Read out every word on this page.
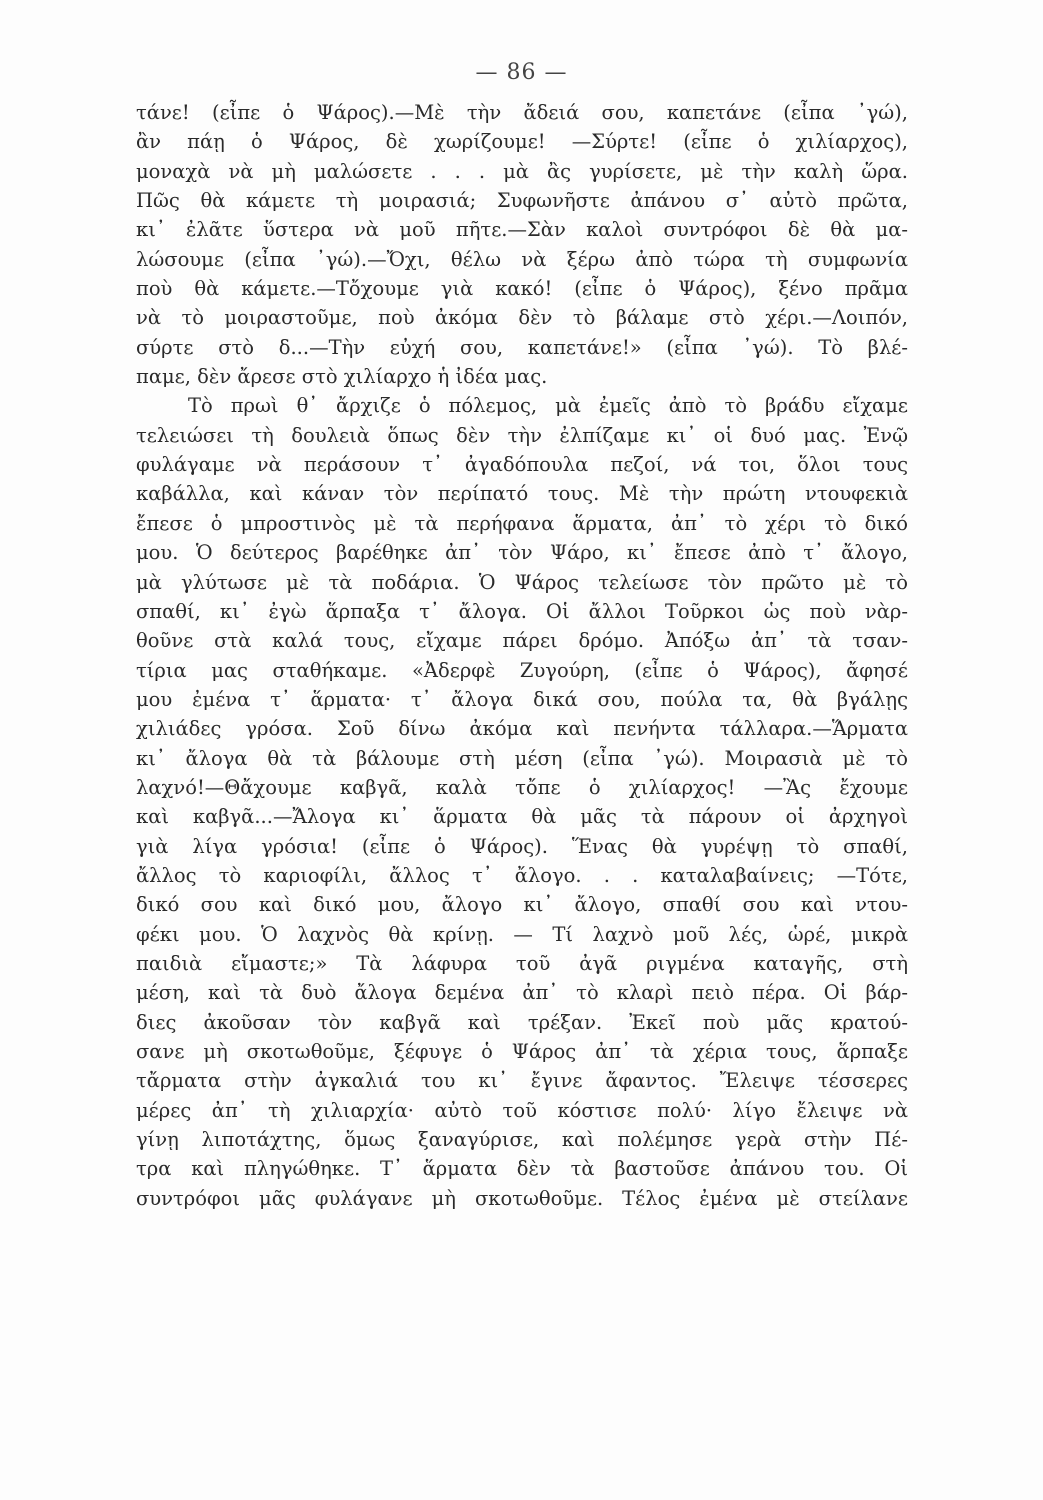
— 86 —
τάνε! (εἶπε ὁ Ψάρος).—Μὲ τὴν ἄδειά σου, καπετάνε (εἶπα ᾿γώ),
ἂν πάῃ ὁ Ψάρος, δὲ χωρίζουμε! —Σύρτε! (εἶπε ὁ χιλίαρχος),
μοναχὰ νὰ μὴ μαλώσετε . . . μὰ ἂς γυρίσετε, μὲ τὴν καλὴ ὥρα.
Πῶς θὰ κάμετε τὴ μοιρασιά; Συφωνῆστε ἀπάνου σ᾿ αὐτὸ πρῶτα,
κι᾿ ἐλᾶτε ὕστερα νὰ μοῦ πῆτε.—Σὰν καλοὶ συντρόφοι δὲ θὰ μα-
λώσουμε (εἶπα ᾿γώ).—Ὄχι, θέλω νὰ ξέρω ἀπὸ τώρα τὴ συμφωνία
ποὺ θὰ κάμετε.—Τὄχουμε γιὰ κακό! (εἶπε ὁ Ψάρος), ξένο πρᾶμα
νὰ τὸ μοιραστοῦμε, ποὺ ἀκόμα δὲν τὸ βάλαμε στὸ χέρι.—Λοιπόν,
σύρτε στὸ δ...—Τὴν εὐχή σου, καπετάνε!» (εἶπα ᾿γώ). Τὸ βλέ-
παμε, δὲν ἄρεσε στὸ χιλίαρχο ἡ ἰδέα μας.
Τὸ πρωὶ θ᾿ ἄρχιζε ὁ πόλεμος, μὰ ἐμεῖς ἀπὸ τὸ βράδυ εἴχαμε
τελειώσει τὴ δουλειὰ ὅπως δὲν τὴν ἐλπίζαμε κι᾿ οἱ δυό μας. Ἐνῷ
φυλάγαμε νὰ περάσουν τ᾿ ἀγαδόπουλα πεζοί, νά τοι, ὅλοι τους
καβάλλα, καὶ κάναν τὸν περίπατό τους. Μὲ τὴν πρώτη ντουφεκιὰ
ἔπεσε ὁ μπροστινὸς μὲ τὰ περήφανα ἅρματα, ἀπ᾿ τὸ χέρι τὸ δικό
μου. Ὁ δεύτερος βαρέθηκε ἀπ᾿ τὸν Ψάρο, κι᾿ ἔπεσε ἀπὸ τ᾿ ἄλογο,
μὰ γλύτωσε μὲ τὰ ποδάρια. Ὁ Ψάρος τελείωσε τὸν πρῶτο μὲ τὸ
σπαθί, κι᾿ ἐγὼ ἅρπαξα τ᾿ ἄλογα. Οἱ ἄλλοι Τοῦρκοι ὡς ποὺ νὰρ-
θοῦνε στὰ καλά τους, εἴχαμε πάρει δρόμο. Ἀπόξω ἀπ᾿ τὰ τσαν-
τίρια μας σταθήκαμε. «Ἀδερφὲ Ζυγούρη, (εἶπε ὁ Ψάρος), ἄφησέ
μου ἐμένα τ᾿ ἅρματα· τ᾿ ἄλογα δικά σου, πούλα τα, θὰ βγάλῃς
χιλιάδες γρόσα. Σοῦ δίνω ἀκόμα καὶ πενήντα τάλλαρα.—Ἅρματα
κι᾿ ἄλογα θὰ τὰ βάλουμε στὴ μέση (εἶπα ᾿γώ). Μοιρασιὰ μὲ τὸ
λαχνό!—Θἄχουμε καβγᾶ, καλὰ τὄπε ὁ χιλίαρχος! —Ἂς ἔχουμε
καὶ καβγᾶ...—Ἄλογα κι᾿ ἅρματα θὰ μᾶς τὰ πάρουν οἱ ἀρχηγοὶ
γιὰ λίγα γρόσια! (εἶπε ὁ Ψάρος). Ἕνας θὰ γυρέψῃ τὸ σπαθί,
ἄλλος τὸ καριοφίλι, ἄλλος τ᾿ ἄλογο. . . καταλαβαίνεις; —Τότε,
δικό σου καὶ δικό μου, ἄλογο κι᾿ ἄλογο, σπαθί σου καὶ ντου-
φέκι μου. Ὁ λαχνὸς θὰ κρίνῃ. — Τί λαχνὸ μοῦ λές, ὡρέ, μικρὰ
παιδιὰ εἴμαστε;» Τὰ λάφυρα τοῦ ἀγᾶ ριγμένα καταγῆς, στὴ
μέση, καὶ τὰ δυὸ ἄλογα δεμένα ἀπ᾿ τὸ κλαρὶ πειὸ πέρα. Οἱ βάρ-
διες ἀκοῦσαν τὸν καβγᾶ καὶ τρέξαν. Ἐκεῖ ποὺ μᾶς κρατού-
σανε μὴ σκοτωθοῦμε, ξέφυγε ὁ Ψάρος ἀπ᾿ τὰ χέρια τους, ἅρπαξε
τἄρματα στὴν ἀγκαλιά του κι᾿ ἔγινε ἄφαντος. Ἔλειψε τέσσερες
μέρες ἀπ᾿ τὴ χιλιαρχία· αὐτὸ τοῦ κόστισε πολύ· λίγο ἔλειψε νὰ
γίνῃ λιποτάχτης, ὅμως ξαναγύρισε, καὶ πολέμησε γερὰ στὴν Πέ-
τρα καὶ πληγώθηκε. Τ᾿ ἅρματα δὲν τὰ βαστοῦσε ἀπάνου του. Οἱ
συντρόφοι μᾶς φυλάγανε μὴ σκοτωθοῦμε. Τέλος ἐμένα μὲ στείλανε
